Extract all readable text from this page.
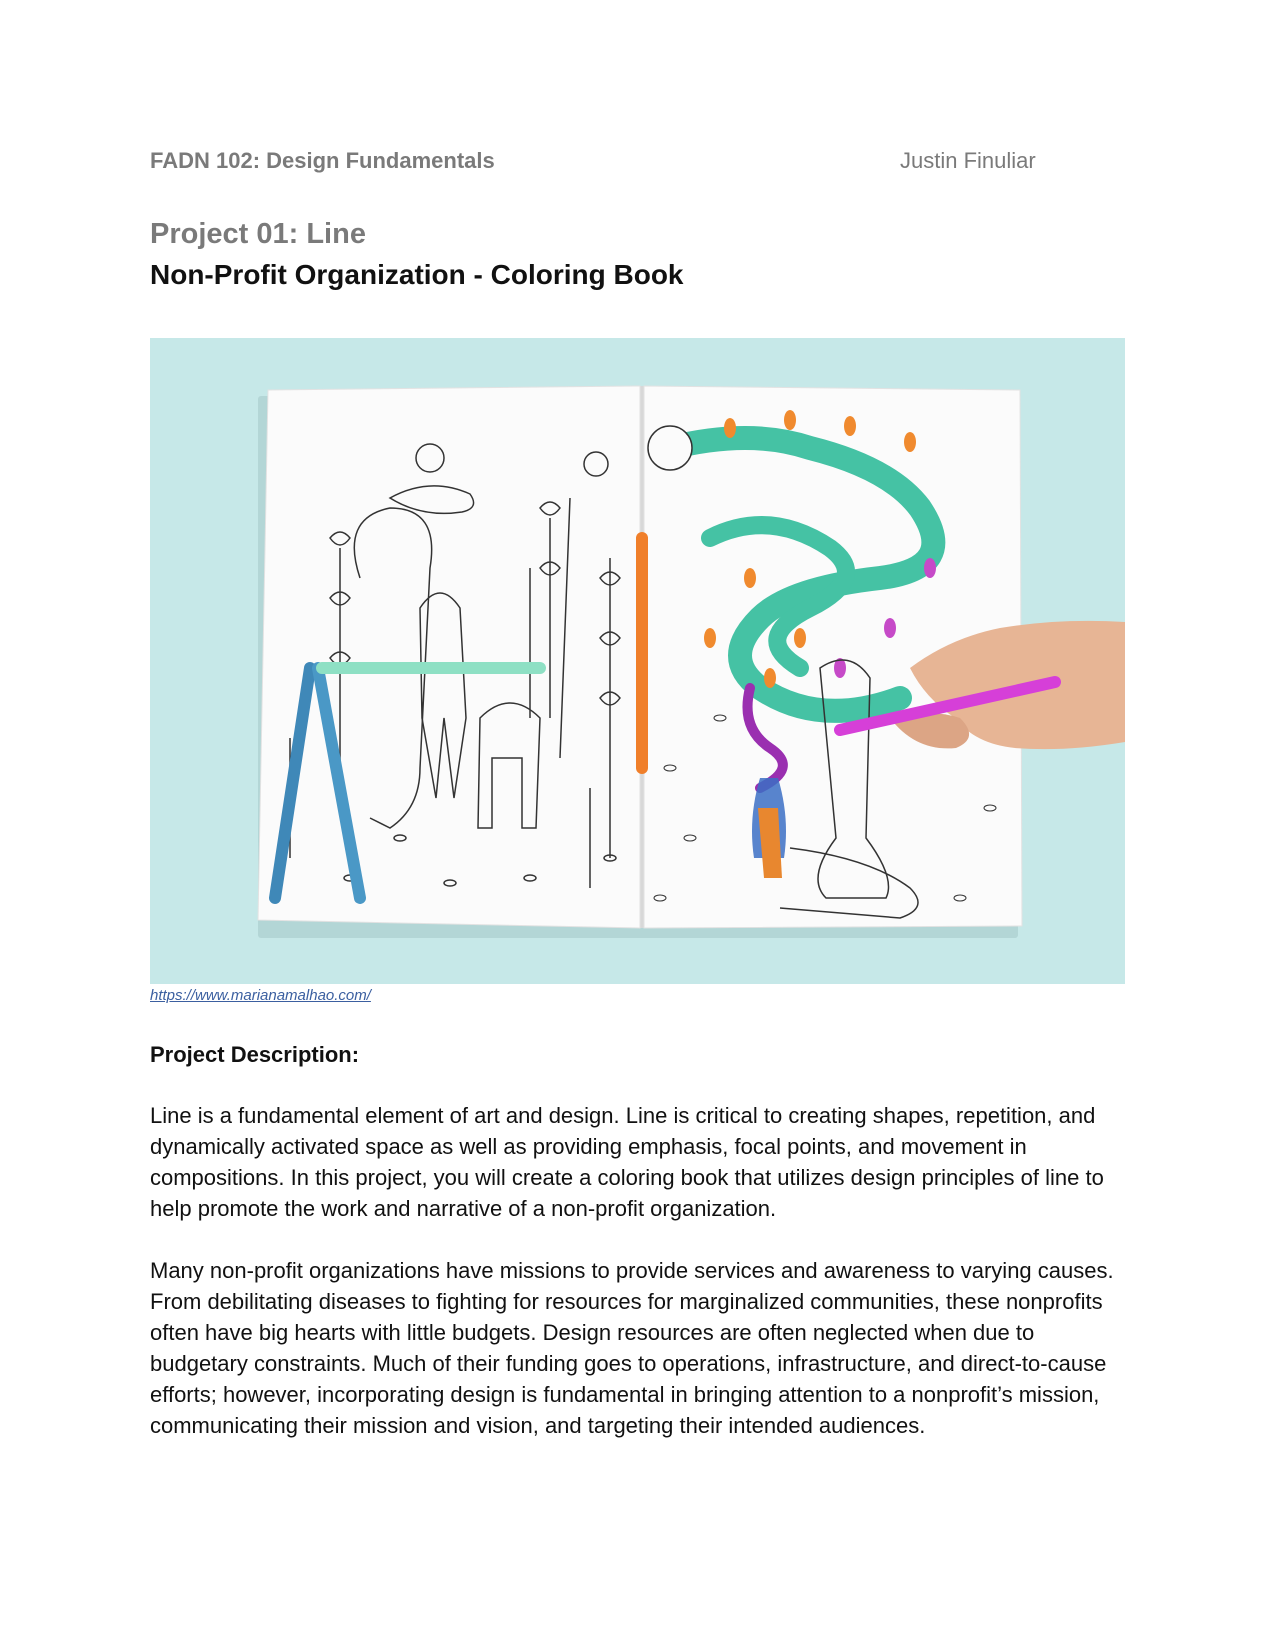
FADN 102: Design Fundamentals	Justin Finuliar
Project 01: Line
Non-Profit Organization - Coloring Book
https://www.marianamalhao.com/
Project Description:

Line is a fundamental element of art and design. Line is critical to creating shapes, repetition, and dynamically activated space as well as providing emphasis, focal points, and movement in compositions. In this project, you will create a coloring book that utilizes design principles of line to help promote the work and narrative of a non-profit organization.

Many non-profit organizations have missions to provide services and awareness to varying causes. From debilitating diseases to fighting for resources for marginalized communities, these nonprofits often have big hearts with little budgets. Design resources are often neglected when due to budgetary constraints. Much of their funding goes to operations, infrastructure, and direct-to-cause efforts; however, incorporating design is fundamental in bringing attention to a nonprofit’s mission, communicating their mission and vision, and targeting their intended audiences.
